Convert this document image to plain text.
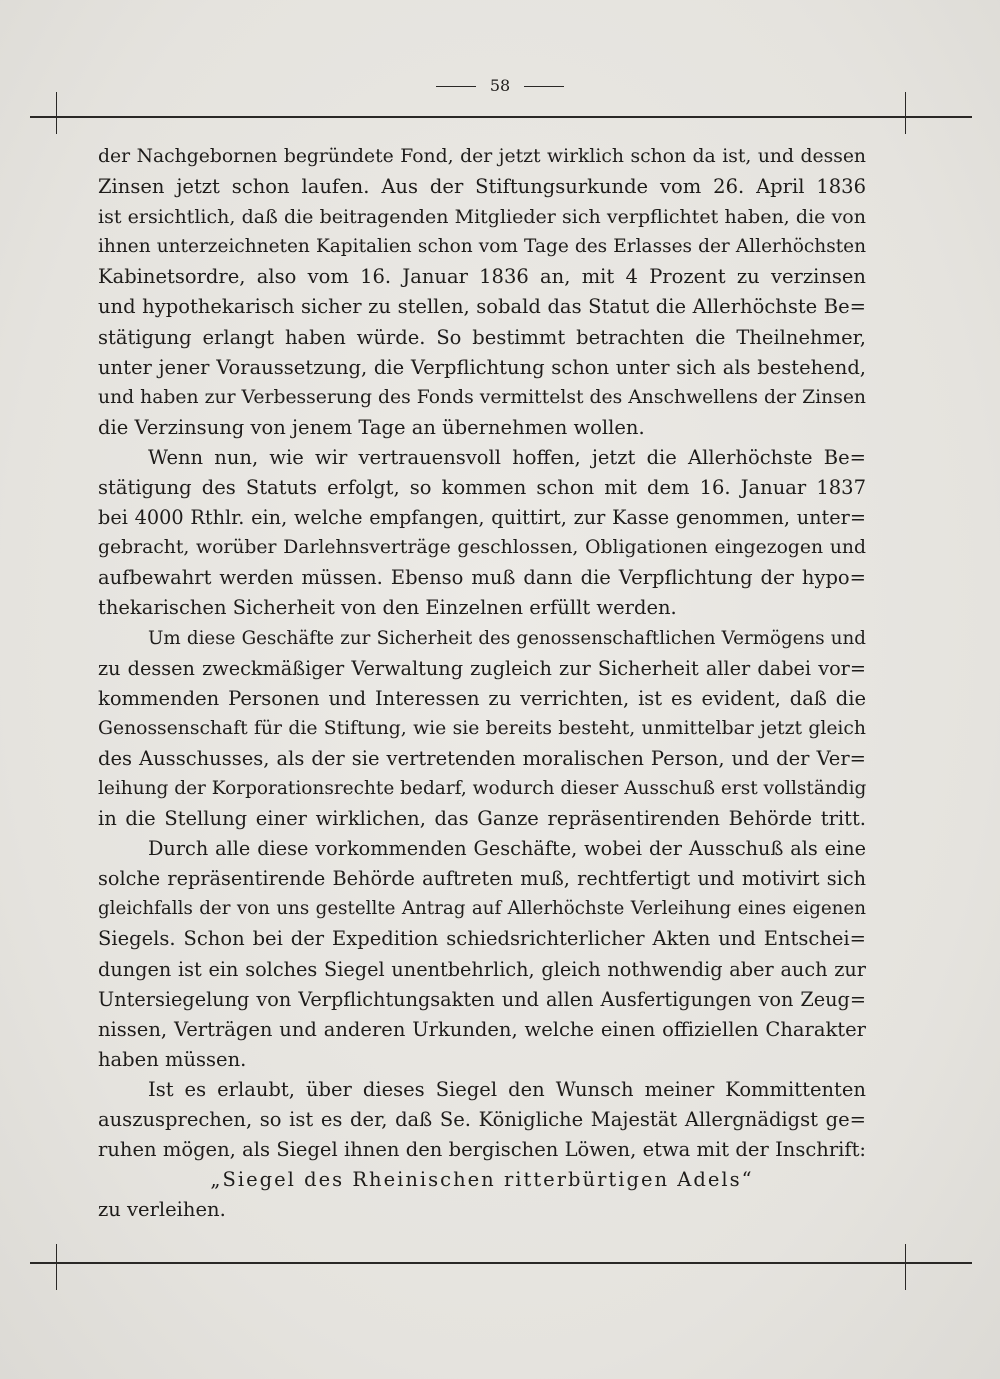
58
der Nachgebornen begründete Fond, der jetzt wirklich schon da ist, und dessen
Zinsen jetzt schon laufen. Aus der Stiftungsurkunde vom 26. April 1836
ist ersichtlich, daß die beitragenden Mitglieder sich verpflichtet haben, die von
ihnen unterzeichneten Kapitalien schon vom Tage des Erlasses der Allerhöchsten
Kabinetsordre, also vom 16. Januar 1836 an, mit 4 Prozent zu verzinsen
und hypothekarisch sicher zu stellen, sobald das Statut die Allerhöchste Be=
stätigung erlangt haben würde. So bestimmt betrachten die Theilnehmer,
unter jener Voraussetzung, die Verpflichtung schon unter sich als bestehend,
und haben zur Verbesserung des Fonds vermittelst des Anschwellens der Zinsen
die Verzinsung von jenem Tage an übernehmen wollen.
Wenn nun, wie wir vertrauensvoll hoffen, jetzt die Allerhöchste Be=
stätigung des Statuts erfolgt, so kommen schon mit dem 16. Januar 1837
bei 4000 Rthlr. ein, welche empfangen, quittirt, zur Kasse genommen, unter=
gebracht, worüber Darlehnsverträge geschlossen, Obligationen eingezogen und
aufbewahrt werden müssen. Ebenso muß dann die Verpflichtung der hypo=
thekarischen Sicherheit von den Einzelnen erfüllt werden.
Um diese Geschäfte zur Sicherheit des genossenschaftlichen Vermögens und
zu dessen zweckmäßiger Verwaltung zugleich zur Sicherheit aller dabei vor=
kommenden Personen und Interessen zu verrichten, ist es evident, daß die
Genossenschaft für die Stiftung, wie sie bereits besteht, unmittelbar jetzt gleich
des Ausschusses, als der sie vertretenden moralischen Person, und der Ver=
leihung der Korporationsrechte bedarf, wodurch dieser Ausschuß erst vollständig
in die Stellung einer wirklichen, das Ganze repräsentirenden Behörde tritt.
Durch alle diese vorkommenden Geschäfte, wobei der Ausschuß als eine
solche repräsentirende Behörde auftreten muß, rechtfertigt und motivirt sich
gleichfalls der von uns gestellte Antrag auf Allerhöchste Verleihung eines eigenen
Siegels. Schon bei der Expedition schiedsrichterlicher Akten und Entschei=
dungen ist ein solches Siegel unentbehrlich, gleich nothwendig aber auch zur
Untersiegelung von Verpflichtungsakten und allen Ausfertigungen von Zeug=
nissen, Verträgen und anderen Urkunden, welche einen offiziellen Charakter
haben müssen.
Ist es erlaubt, über dieses Siegel den Wunsch meiner Kommittenten
auszusprechen, so ist es der, daß Se. Königliche Majestät Allergnädigst ge=
ruhen mögen, als Siegel ihnen den bergischen Löwen, etwa mit der Inschrift:
„Siegel des Rheinischen ritterbürtigen Adels“
zu verleihen.
